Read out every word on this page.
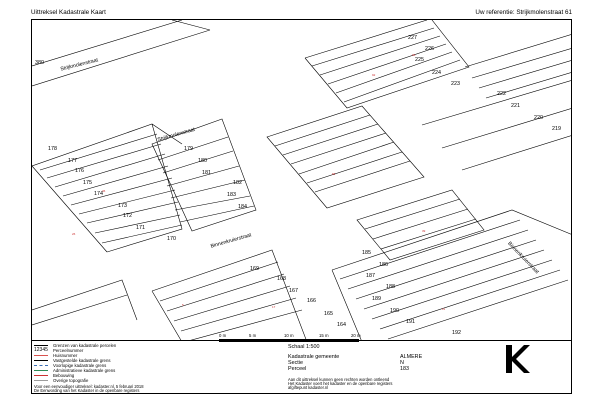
Uittreksel Kadastrale Kaart	Uw referentie: Strijkmolenstraat 61
36
26
92
96
65
39
5	17	11
Strijkmolenstraat
Strijkmolenstraat
Binnenkruierstraat	Binnenkruierstraat
380
178
177
176
175
174
173
172
171
170
179
180
181
182
183
184
227
226
225
224
223
222
221
220
219
169
168
167
166
165
164
185
186
187
188
189
190
191
192
0 m	5 m	10 m	15 m	20 m
Grenzen van kadastrale percelen
12345 Perceelnummer
Huisnummer
Vastgestelde kadastrale grens
Voorlopige kadastrale grens
Administratieve kadastrale grens
Bebouwing
Overige topografie
Voor een eenvoudiger uittreksel: kadaster.nl, 5 februari 2018
De Eenwording van het Kadaster in de openbare registers
Schaal 1:500
Kadastrale gemeente	ALMERE
Sectie	N
Perceel	183
Aan dit uittreksel kunnen geen rechten worden ontleend
Het Kadaster voert het kadaster en de openbare registers
afgiftepunt kadaster.nl
